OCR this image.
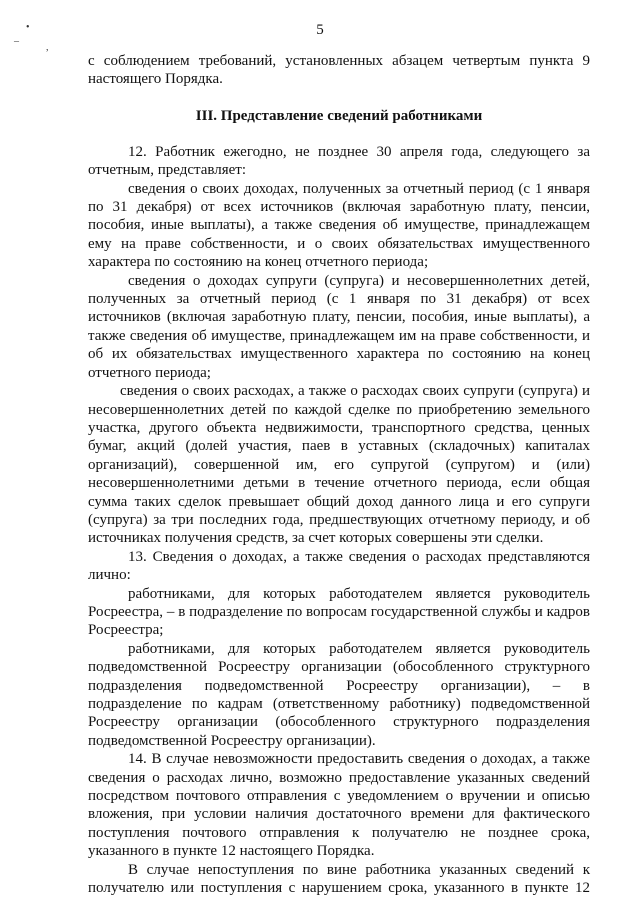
•
–
,
5

с соблюдением требований, установленных абзацем четвертым пункта 9 настоящего Порядка.

III. Представление сведений работниками

12. Работник ежегодно, не позднее 30 апреля года, следующего за отчетным, представляет:

сведения о своих доходах, полученных за отчетный период (с 1 января по 31 декабря) от всех источников (включая заработную плату, пенсии, пособия, иные выплаты), а также сведения об имуществе, принадлежащем ему на праве собственности, и о своих обязательствах имущественного характера по состоянию на конец отчетного периода;

сведения о доходах супруги (супруга) и несовершеннолетних детей, полученных за отчетный период (с 1 января по 31 декабря) от всех источников (включая заработную плату, пенсии, пособия, иные выплаты), а также сведения об имуществе, принадлежащем им на праве собственности, и об их обязательствах имущественного характера по состоянию на конец отчетного периода;

сведения о своих расходах, а также о расходах своих супруги (супруга) и несовершеннолетних детей по каждой сделке по приобретению земельного участка, другого объекта недвижимости, транспортного средства, ценных бумаг, акций (долей участия, паев в уставных (складочных) капиталах организаций), совершенной им, его супругой (супругом) и (или) несовершеннолетними детьми в течение отчетного периода, если общая сумма таких сделок превышает общий доход данного лица и его супруги (супруга) за три последних года, предшествующих отчетному периоду, и об источниках получения средств, за счет которых совершены эти сделки.

13. Сведения о доходах, а также сведения о расходах представляются лично:

работниками, для которых работодателем является руководитель Росреестра, – в подразделение по вопросам государственной службы и кадров Росреестра;

работниками, для которых работодателем является руководитель подведомственной Росреестру организации (обособленного структурного подразделения подведомственной Росреестру организации), – в подразделение по кадрам (ответственному работнику) подведомственной Росреестру организации (обособленного структурного подразделения подведомственной Росреестру организации).

14. В случае невозможности предоставить сведения о доходах, а также сведения о расходах лично, возможно предоставление указанных сведений посредством почтового отправления с уведомлением о вручении и описью вложения, при условии наличия достаточного времени для фактического поступления почтового отправления к получателю не позднее срока, указанного в пункте 12 настоящего Порядка.

В случае непоступления по вине работника указанных сведений к получателю или поступления с нарушением срока, указанного в пункте 12
